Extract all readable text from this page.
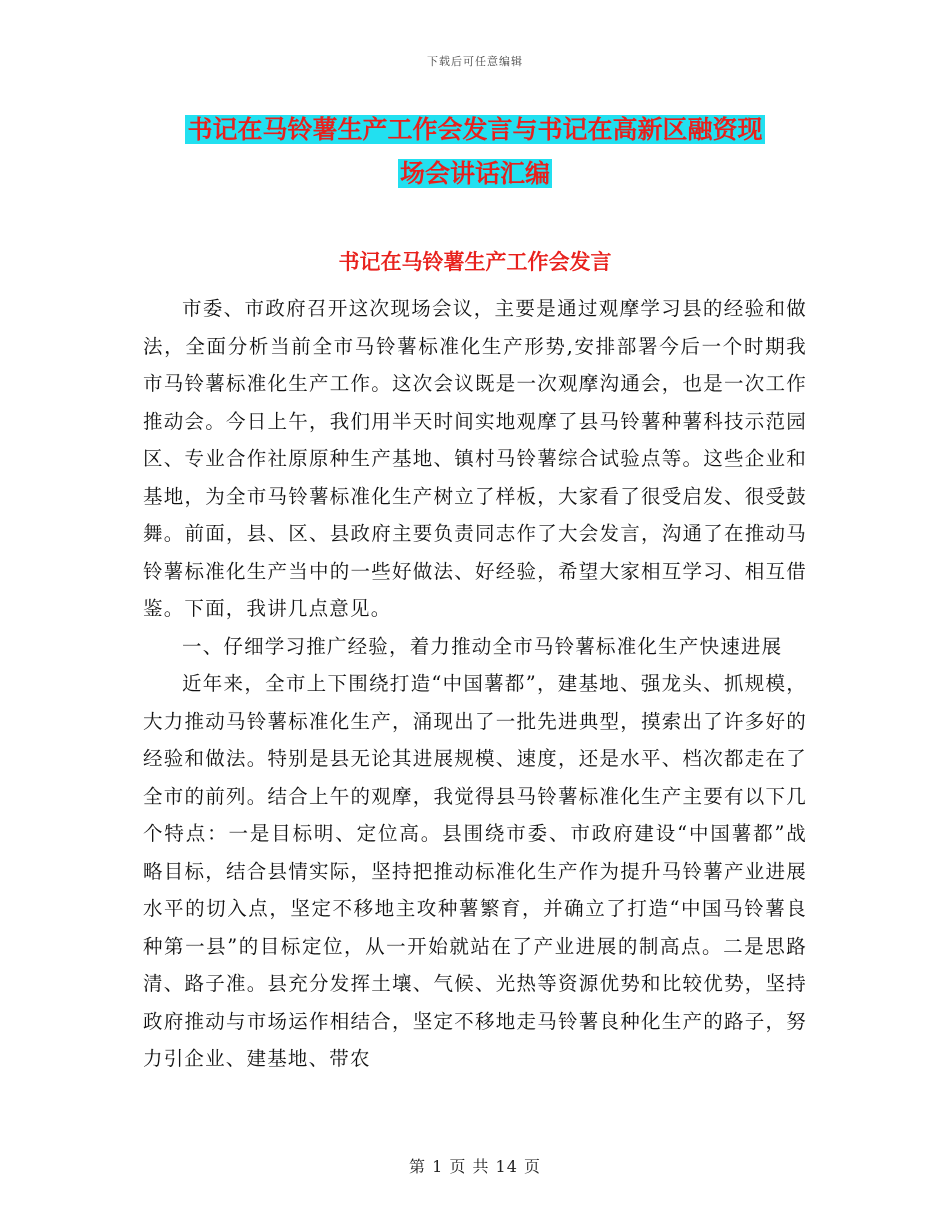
下载后可任意编辑
书记在马铃薯生产工作会发言与书记在高新区融资现
场会讲话汇编
书记在马铃薯生产工作会发言

市委、市政府召开这次现场会议，主要是通过观摩学习县的经验和做法，全面分析当前全市马铃薯标准化生产形势,安排部署今后一个时期我市马铃薯标准化生产工作。这次会议既是一次观摩沟通会，也是一次工作推动会。今日上午，我们用半天时间实地观摩了县马铃薯种薯科技示范园区、专业合作社原原种生产基地、镇村马铃薯综合试验点等。这些企业和基地，为全市马铃薯标准化生产树立了样板，大家看了很受启发、很受鼓舞。前面，县、区、县政府主要负责同志作了大会发言，沟通了在推动马铃薯标准化生产当中的一些好做法、好经验，希望大家相互学习、相互借鉴。下面，我讲几点意见。

一、仔细学习推广经验，着力推动全市马铃薯标准化生产快速进展

近年来，全市上下围绕打造“中国薯都”，建基地、强龙头、抓规模，大力推动马铃薯标准化生产，涌现出了一批先进典型，摸索出了许多好的经验和做法。特别是县无论其进展规模、速度，还是水平、档次都走在了全市的前列。结合上午的观摩，我觉得县马铃薯标准化生产主要有以下几个特点：一是目标明、定位高。县围绕市委、市政府建设“中国薯都”战略目标，结合县情实际，坚持把推动标准化生产作为提升马铃薯产业进展水平的切入点，坚定不移地主攻种薯繁育，并确立了打造“中国马铃薯良种第一县”的目标定位，从一开始就站在了产业进展的制高点。二是思路清、路子准。县充分发挥土壤、气候、光热等资源优势和比较优势，坚持政府推动与市场运作相结合，坚定不移地走马铃薯良种化生产的路子，努力引企业、建基地、带农

第 1 页 共 14 页
